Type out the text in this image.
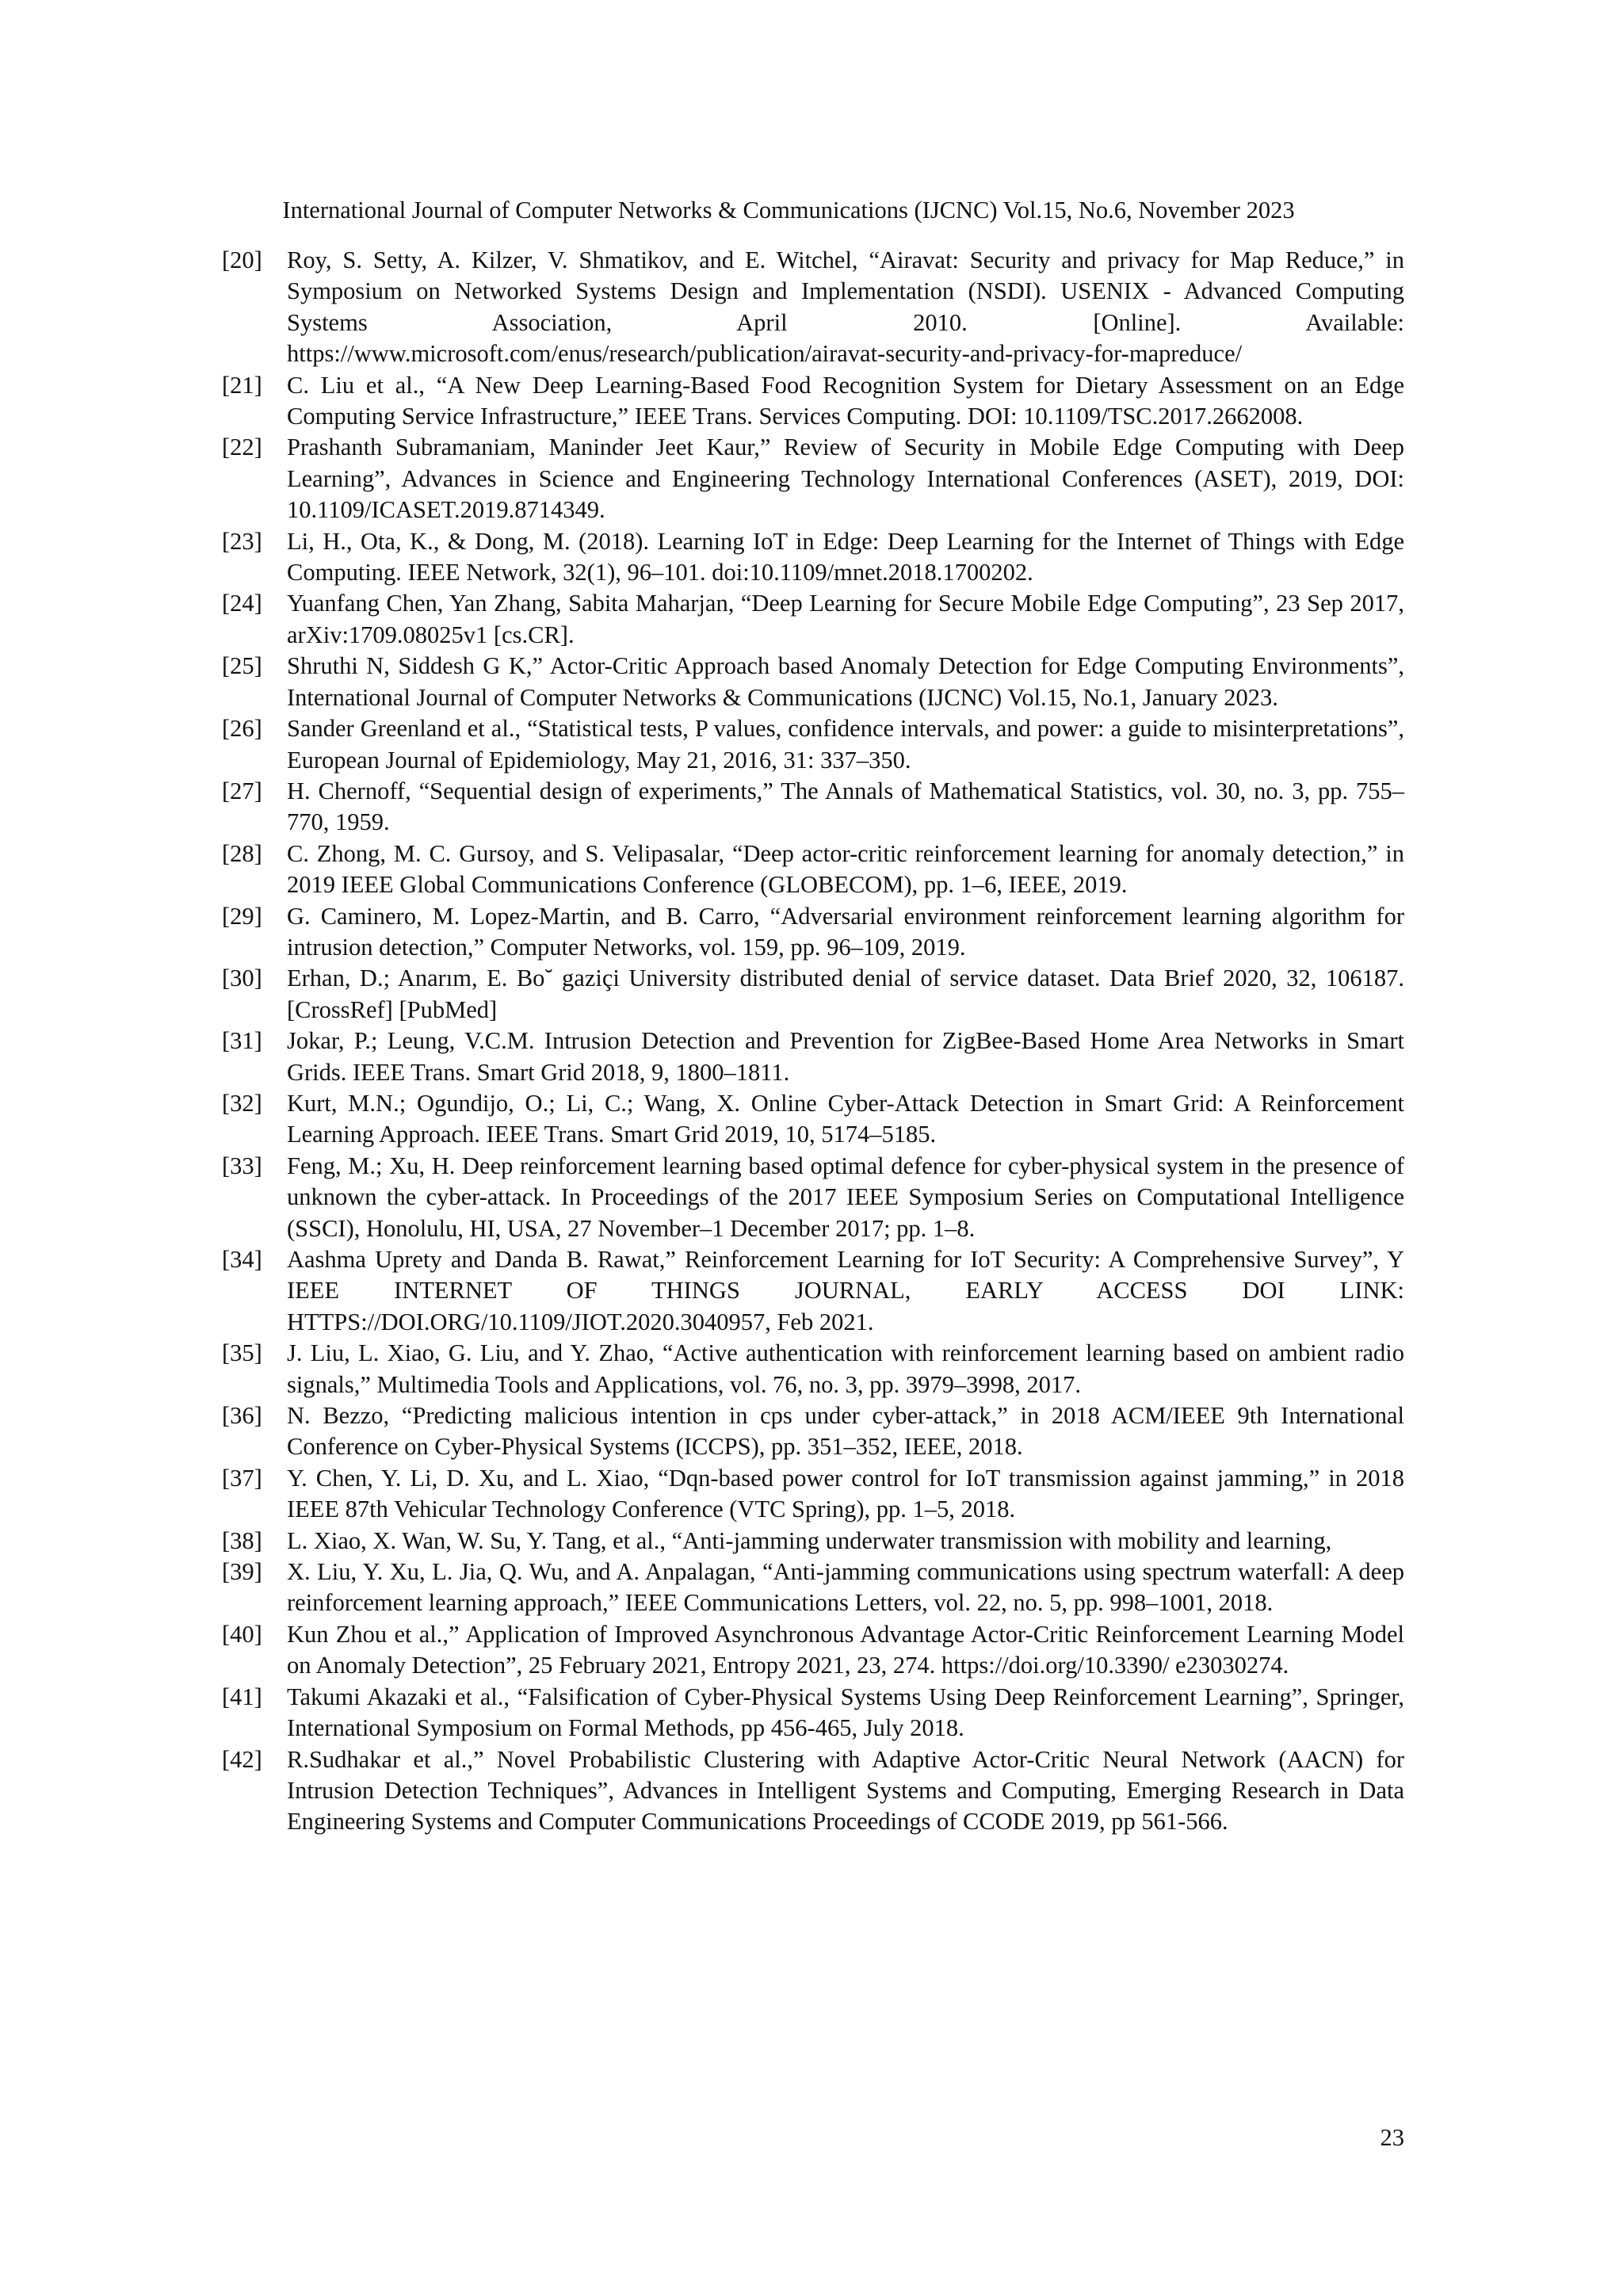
International Journal of Computer Networks & Communications (IJCNC) Vol.15, No.6, November 2023
[20]	Roy, S. Setty, A. Kilzer, V. Shmatikov, and E. Witchel, “Airavat: Security and privacy for Map Reduce,” in Symposium on Networked Systems Design and Implementation (NSDI). USENIX - Advanced Computing Systems Association, April 2010. [Online]. Available: https://www.microsoft.com/enus/research/publication/airavat-security-and-privacy-for-mapreduce/
[21]	C. Liu et al., “A New Deep Learning-Based Food Recognition System for Dietary Assessment on an Edge Computing Service Infrastructure,” IEEE Trans. Services Computing. DOI: 10.1109/TSC.2017.2662008.
[22]	Prashanth Subramaniam, Maninder Jeet Kaur,” Review of Security in Mobile Edge Computing with Deep Learning”, Advances in Science and Engineering Technology International Conferences (ASET), 2019, DOI: 10.1109/ICASET.2019.8714349.
[23]	Li, H., Ota, K., & Dong, M. (2018). Learning IoT in Edge: Deep Learning for the Internet of Things with Edge Computing. IEEE Network, 32(1), 96–101. doi:10.1109/mnet.2018.1700202.
[24]	Yuanfang Chen, Yan Zhang, Sabita Maharjan, “Deep Learning for Secure Mobile Edge Computing”, 23 Sep 2017, arXiv:1709.08025v1 [cs.CR].
[25]	Shruthi N, Siddesh G K,” Actor-Critic Approach based Anomaly Detection for Edge Computing Environments”, International Journal of Computer Networks & Communications (IJCNC) Vol.15, No.1, January 2023.
[26]	Sander Greenland et al., “Statistical tests, P values, confidence intervals, and power: a guide to misinterpretations”, European Journal of Epidemiology, May 21, 2016, 31: 337–350.
[27]	H. Chernoff, “Sequential design of experiments,” The Annals of Mathematical Statistics, vol. 30, no. 3, pp. 755–770, 1959.
[28]	C. Zhong, M. C. Gursoy, and S. Velipasalar, “Deep actor-critic reinforcement learning for anomaly detection,” in 2019 IEEE Global Communications Conference (GLOBECOM), pp. 1–6, IEEE, 2019.
[29]	G. Caminero, M. Lopez-Martin, and B. Carro, “Adversarial environment reinforcement learning algorithm for intrusion detection,” Computer Networks, vol. 159, pp. 96–109, 2019.
[30]	Erhan, D.; Anarım, E. Bo˘ gaziçi University distributed denial of service dataset. Data Brief 2020, 32, 106187. [CrossRef] [PubMed]
[31]	Jokar, P.; Leung, V.C.M. Intrusion Detection and Prevention for ZigBee-Based Home Area Networks in Smart Grids. IEEE Trans. Smart Grid 2018, 9, 1800–1811.
[32]	Kurt, M.N.; Ogundijo, O.; Li, C.; Wang, X. Online Cyber-Attack Detection in Smart Grid: A Reinforcement Learning Approach. IEEE Trans. Smart Grid 2019, 10, 5174–5185.
[33]	Feng, M.; Xu, H. Deep reinforcement learning based optimal defence for cyber-physical system in the presence of unknown the cyber-attack. In Proceedings of the 2017 IEEE Symposium Series on Computational Intelligence (SSCI), Honolulu, HI, USA, 27 November–1 December 2017; pp. 1–8.
[34]	Aashma Uprety and Danda B. Rawat,” Reinforcement Learning for IoT Security: A Comprehensive Survey”, Y IEEE INTERNET OF THINGS JOURNAL, EARLY ACCESS DOI LINK: HTTPS://DOI.ORG/10.1109/JIOT.2020.3040957, Feb 2021.
[35]	J. Liu, L. Xiao, G. Liu, and Y. Zhao, “Active authentication with reinforcement learning based on ambient radio signals,” Multimedia Tools and Applications, vol. 76, no. 3, pp. 3979–3998, 2017.
[36]	N. Bezzo, “Predicting malicious intention in cps under cyber-attack,” in 2018 ACM/IEEE 9th International Conference on Cyber-Physical Systems (ICCPS), pp. 351–352, IEEE, 2018.
[37]	Y. Chen, Y. Li, D. Xu, and L. Xiao, “Dqn-based power control for IoT transmission against jamming,” in 2018 IEEE 87th Vehicular Technology Conference (VTC Spring), pp. 1–5, 2018.
[38]	L. Xiao, X. Wan, W. Su, Y. Tang, et al., “Anti-jamming underwater transmission with mobility and learning,
[39]	X. Liu, Y. Xu, L. Jia, Q. Wu, and A. Anpalagan, “Anti-jamming communications using spectrum waterfall: A deep reinforcement learning approach,” IEEE Communications Letters, vol. 22, no. 5, pp. 998–1001, 2018.
[40]	Kun Zhou et al.,” Application of Improved Asynchronous Advantage Actor-Critic Reinforcement Learning Model on Anomaly Detection”, 25 February 2021, Entropy 2021, 23, 274. https://doi.org/10.3390/ e23030274.
[41]	Takumi Akazaki et al., “Falsification of Cyber-Physical Systems Using Deep Reinforcement Learning”, Springer, International Symposium on Formal Methods, pp 456-465, July 2018.
[42]	R.Sudhakar et al.,” Novel Probabilistic Clustering with Adaptive Actor-Critic Neural Network (AACN) for Intrusion Detection Techniques”, Advances in Intelligent Systems and Computing, Emerging Research in Data Engineering Systems and Computer Communications Proceedings of CCODE 2019, pp 561-566.
23
